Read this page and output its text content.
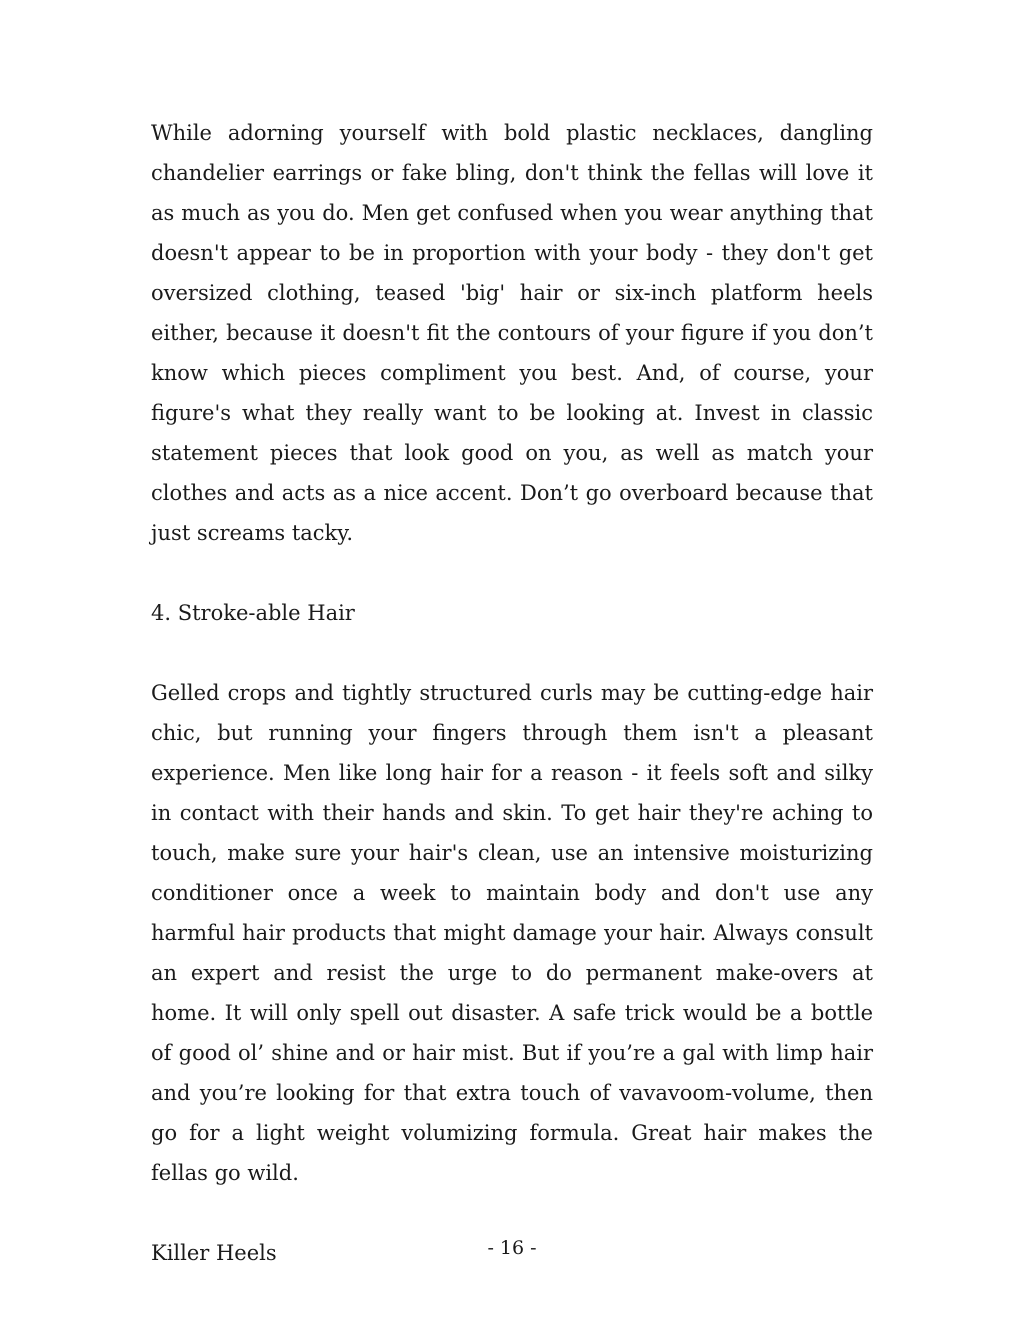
While adorning yourself with bold plastic necklaces, dangling chandelier earrings or fake bling, don't think the fellas will love it as much as you do. Men get confused when you wear anything that doesn't appear to be in proportion with your body - they don't get oversized clothing, teased 'big' hair or six-inch platform heels either, because it doesn't fit the contours of your figure if you don’t know which pieces compliment you best. And, of course, your figure's what they really want to be looking at. Invest in classic statement pieces that look good on you, as well as match your clothes and acts as a nice accent. Don’t go overboard because that just screams tacky.

4. Stroke-able Hair

Gelled crops and tightly structured curls may be cutting-edge hair chic, but running your fingers through them isn't a pleasant experience. Men like long hair for a reason - it feels soft and silky in contact with their hands and skin. To get hair they're aching to touch, make sure your hair's clean, use an intensive moisturizing conditioner once a week to maintain body and don't use any harmful hair products that might damage your hair. Always consult an expert and resist the urge to do permanent make-overs at home. It will only spell out disaster. A safe trick would be a bottle of good ol’ shine and or hair mist. But if you’re a gal with limp hair and you’re looking for that extra touch of vavavoom-volume, then go for a light weight volumizing formula. Great hair makes the fellas go wild.

Killer Heels	- 16 -
